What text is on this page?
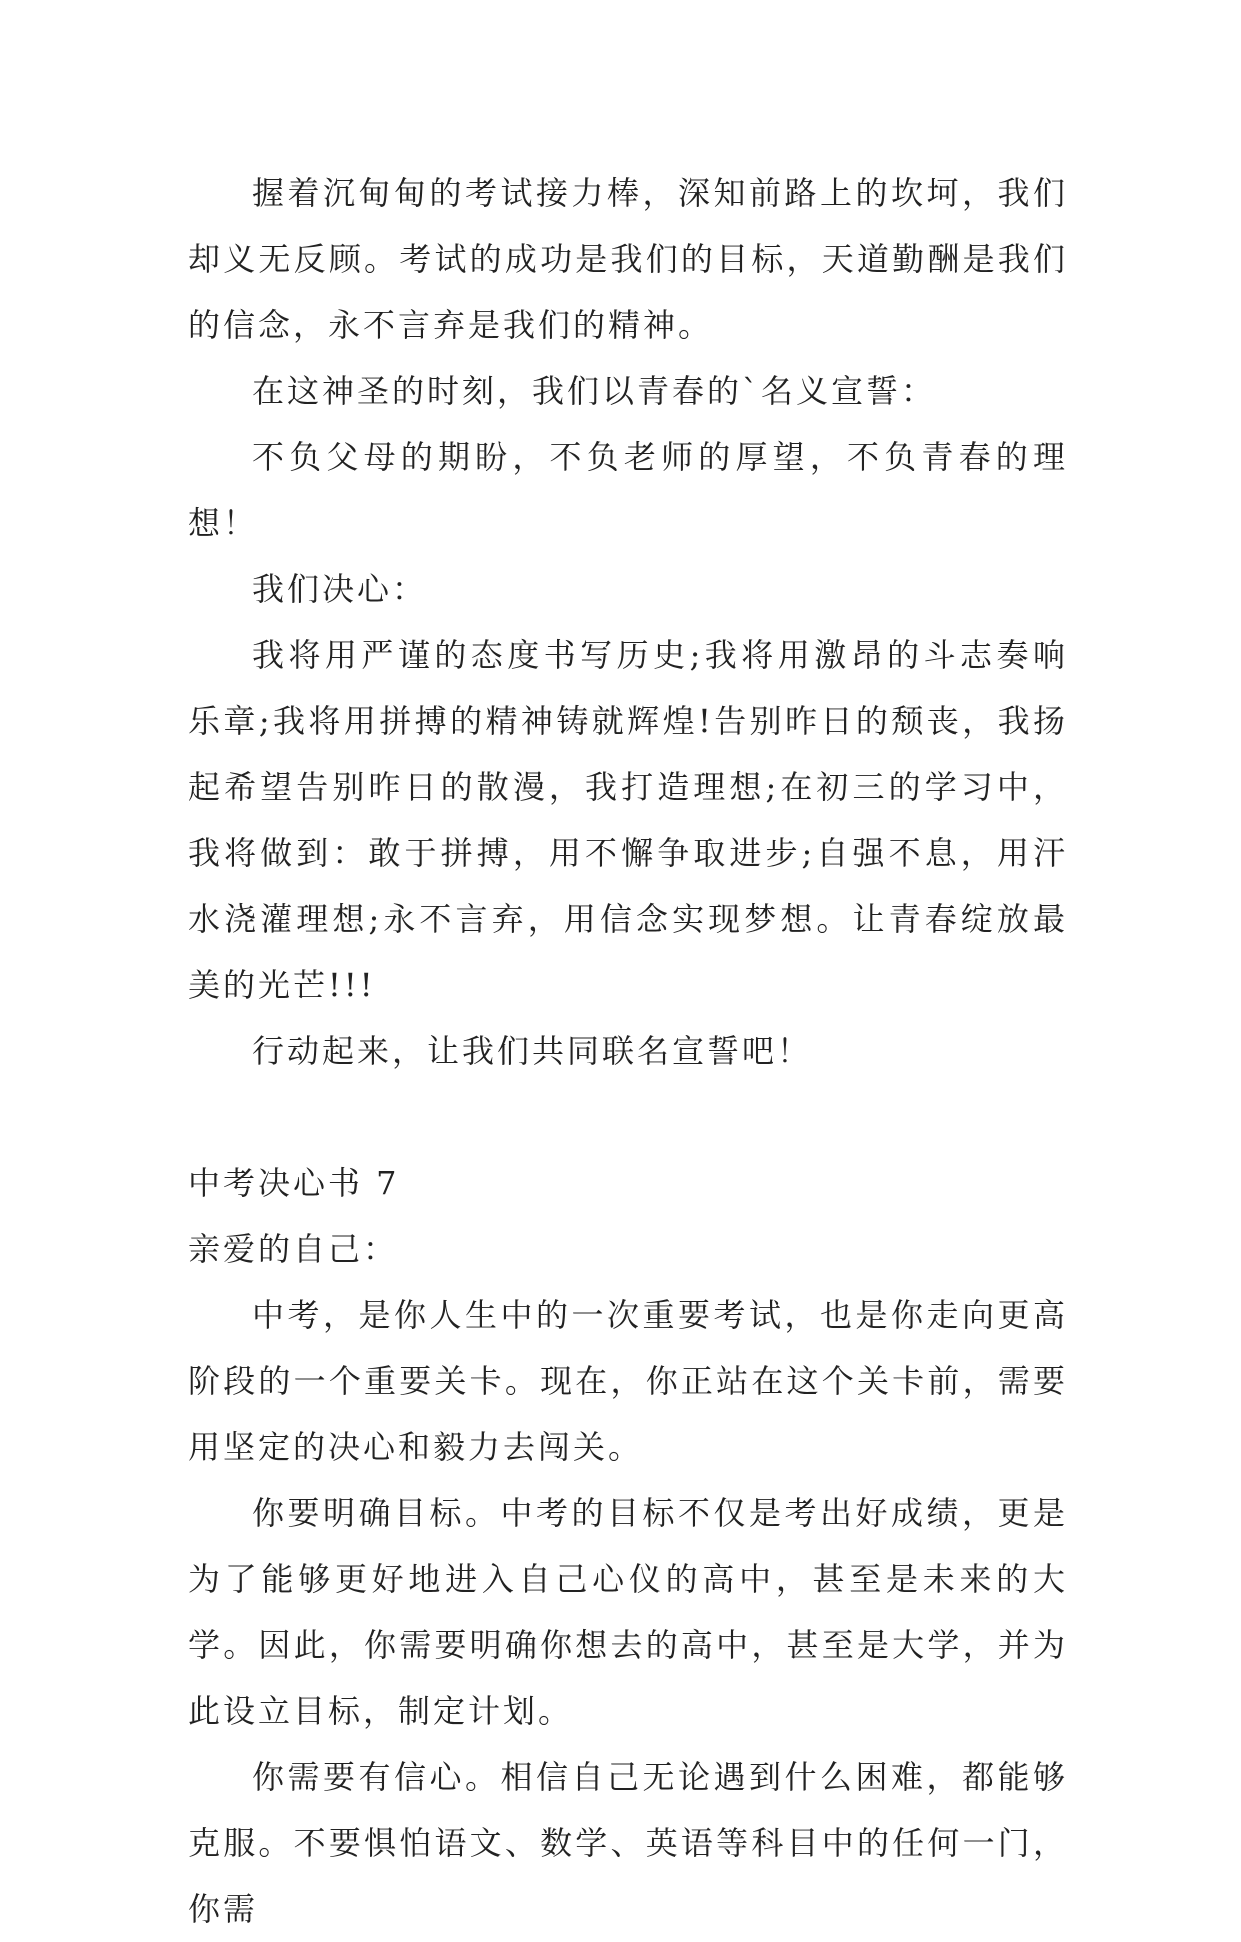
握着沉甸甸的考试接力棒，深知前路上的坎坷，我们却义无反顾。考试的成功是我们的目标，天道勤酬是我们的信念，永不言弃是我们的精神。

在这神圣的时刻，我们以青春的`名义宣誓：

不负父母的期盼，不负老师的厚望，不负青春的理想！

我们决心：

我将用严谨的态度书写历史;我将用激昂的斗志奏响乐章;我将用拼搏的精神铸就辉煌!告别昨日的颓丧，我扬起希望告别昨日的散漫，我打造理想;在初三的学习中，我将做到：敢于拼搏，用不懈争取进步;自强不息，用汗水浇灌理想;永不言弃，用信念实现梦想。让青春绽放最美的光芒!!!

行动起来，让我们共同联名宣誓吧！

中考决心书 7

亲爱的自己：

中考，是你人生中的一次重要考试，也是你走向更高阶段的一个重要关卡。现在，你正站在这个关卡前，需要用坚定的决心和毅力去闯关。

你要明确目标。中考的目标不仅是考出好成绩，更是为了能够更好地进入自己心仪的高中，甚至是未来的大学。因此，你需要明确你想去的高中，甚至是大学，并为此设立目标，制定计划。

你需要有信心。相信自己无论遇到什么困难，都能够克服。不要惧怕语文、数学、英语等科目中的任何一门，你需
